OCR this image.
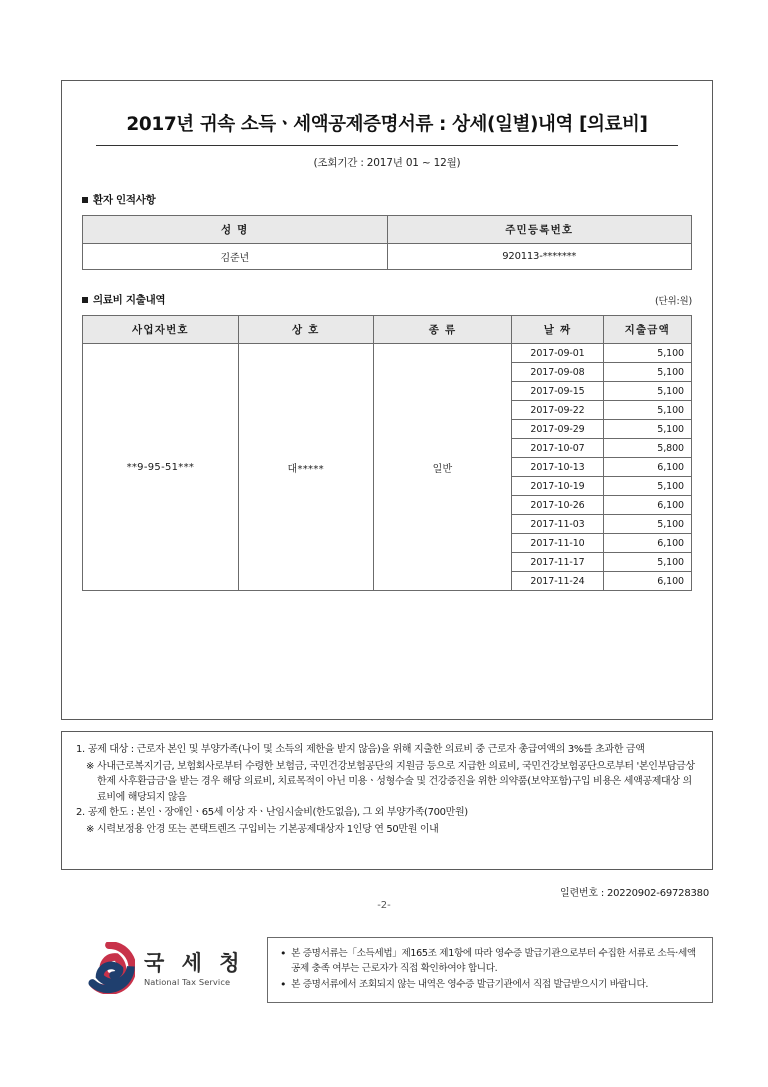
2017년 귀속 소득ㆍ세액공제증명서류 : 상세(일별)내역 [의료비]
(조회기간 : 2017년 01 ~ 12월)
환자 인적사항
성 명	주민등록번호
김준년	920113-*******
의료비 지출내역	(단위:원)
사업자번호	상 호	종 류	날 짜	지출금액
**9-95-51***	대*****	일반	2017-09-01	5,100
			2017-09-08	5,100
			2017-09-15	5,100
			2017-09-22	5,100
			2017-09-29	5,100
			2017-10-07	5,800
			2017-10-13	6,100
			2017-10-19	5,100
			2017-10-26	6,100
			2017-11-03	5,100
			2017-11-10	6,100
			2017-11-17	5,100
			2017-11-24	6,100
1. 공제 대상 : 근로자 본인 및 부양가족(나이 및 소득의 제한을 받지 않음)을 위해 지출한 의료비 중 근로자 총급여액의 3%를 초과한 금액
※ 사내근로복지기금, 보험회사로부터 수령한 보험금, 국민건강보험공단의 지원금 등으로 지급한 의료비, 국민건강보험공단으로부터 '본인부담금상한제 사후환급금'을 받는 경우 해당 의료비, 치료목적이 아닌 미용ㆍ성형수술 및 건강증진을 위한 의약품(보약포함)구입 비용은 세액공제대상 의료비에 해당되지 않음
2. 공제 한도 : 본인ㆍ장애인ㆍ65세 이상 자ㆍ난임시술비(한도없음), 그 외 부양가족(700만원)
※ 시력보정용 안경 또는 콘택트렌즈 구입비는 기본공제대상자 1인당 연 50만원 이내
일련번호 : 20220902-69728380
-2-
국 세 청
National Tax Service
• 본 증명서류는「소득세법」제165조 제1항에 따라 영수증 발급기관으로부터 수집한 서류로 소득·세액공제 충족 여부는 근로자가 직접 확인하여야 합니다.
• 본 증명서류에서 조회되지 않는 내역은 영수증 발급기관에서 직접 발급받으시기 바랍니다.
